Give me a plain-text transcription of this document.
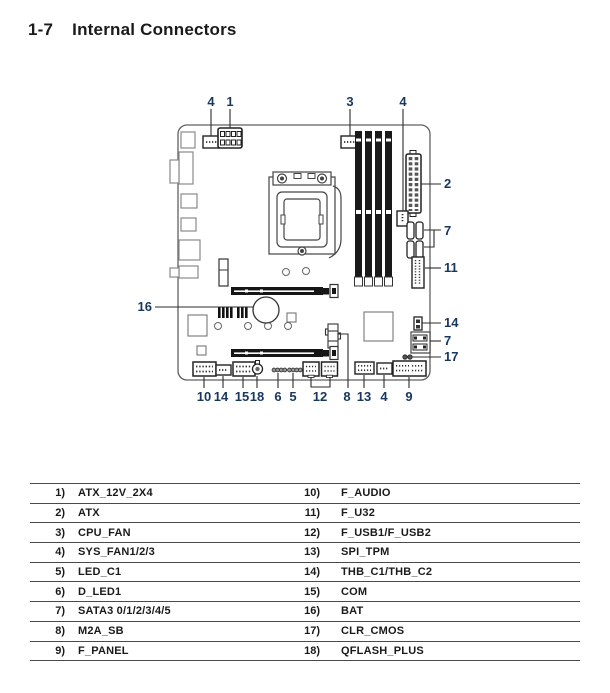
1-7 Internal Connectors
4 1	3	4
2
7
11
14
7
17
16
10 14 15 18 6 5 12 8 13 4 9
1)	ATX_12V_2X4	10)	F_AUDIO
2)	ATX	11)	F_U32
3)	CPU_FAN	12)	F_USB1/F_USB2
4)	SYS_FAN1/2/3	13)	SPI_TPM
5)	LED_C1	14)	THB_C1/THB_C2
6)	D_LED1	15)	COM
7)	SATA3 0/1/2/3/4/5	16)	BAT
8)	M2A_SB	17)	CLR_CMOS
9)	F_PANEL	18)	QFLASH_PLUS
